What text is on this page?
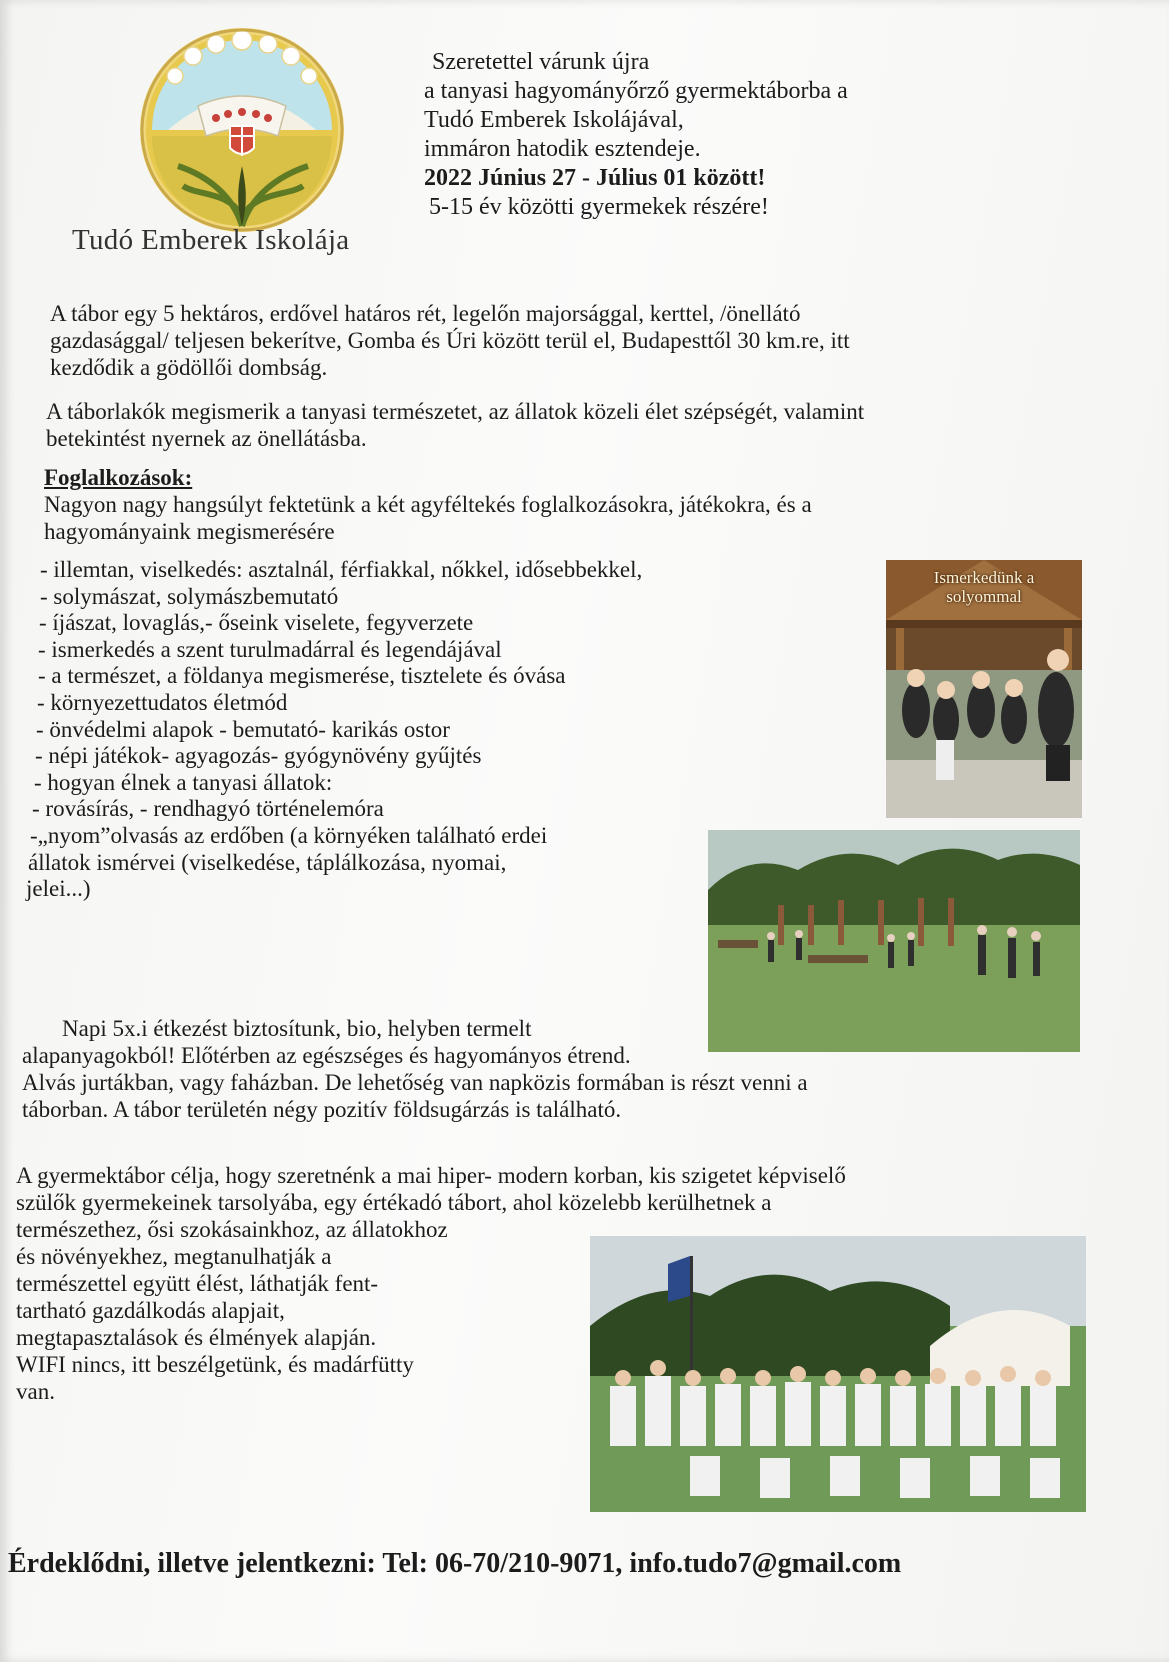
Tudó Emberek Iskolája
Szeretettel várunk újra
a tanyasi hagyományőrző gyermektáborba a
Tudó Emberek Iskolájával,
immáron hatodik esztendeje.
2022 Június 27 - Július 01 között!
5-15 év közötti gyermekek részére!
A tábor egy 5 hektáros, erdővel határos rét, legelőn majorsággal, kerttel, /önellátó
gazdasággal/ teljesen bekerítve, Gomba és Úri között terül el, Budapesttől 30 km.re, itt
kezdődik a gödöllői dombság.
A táborlakók megismerik a tanyasi természetet, az állatok közeli élet szépségét, valamint
betekintést nyernek az önellátásba.
Foglalkozások:
Nagyon nagy hangsúlyt fektetünk a két agyféltekés foglalkozásokra, játékokra, és a
hagyományaink megismerésére
- illemtan, viselkedés: asztalnál, férfiakkal, nőkkel, idősebbekkel,
- solymászat, solymászbemutató
- íjászat, lovaglás,- őseink viselete, fegyverzete
- ismerkedés a szent turulmadárral és legendájával
- a természet, a földanya megismerése, tisztelete és óvása
- környezettudatos életmód
- önvédelmi alapok - bemutató- karikás ostor
- népi játékok- agyagozás- gyógynövény gyűjtés
- hogyan élnek a tanyasi állatok:
- rovásírás, - rendhagyó történelemóra
-„nyom”olvasás az erdőben (a környéken található erdei
állatok ismérvei (viselkedése, táplálkozása, nyomai,
jelei...)
Napi 5x.i étkezést biztosítunk, bio, helyben termelt
alapanyagokból! Előtérben az egészséges és hagyományos étrend.
Alvás jurtákban, vagy faházban. De lehetőség van napközis formában is részt venni a
táborban. A tábor területén négy pozitív földsugárzás is található.
A gyermektábor célja, hogy szeretnénk a mai hiper- modern korban, kis szigetet képviselő
szülők gyermekeinek tarsolyába, egy értékadó tábort, ahol közelebb kerülhetnek a
természethez, ősi szokásainkhoz, az állatokhoz
és növényekhez, megtanulhatják a
természettel együtt élést, láthatják fent-
tartható gazdálkodás alapjait,
megtapasztalások és élmények alapján.
WIFI nincs, itt beszélgetünk, és madárfütty
van.
Ismerkedünk a
solyommal
Érdeklődni, illetve jelentkezni: Tel: 06-70/210-9071, info.tudo7@gmail.com
